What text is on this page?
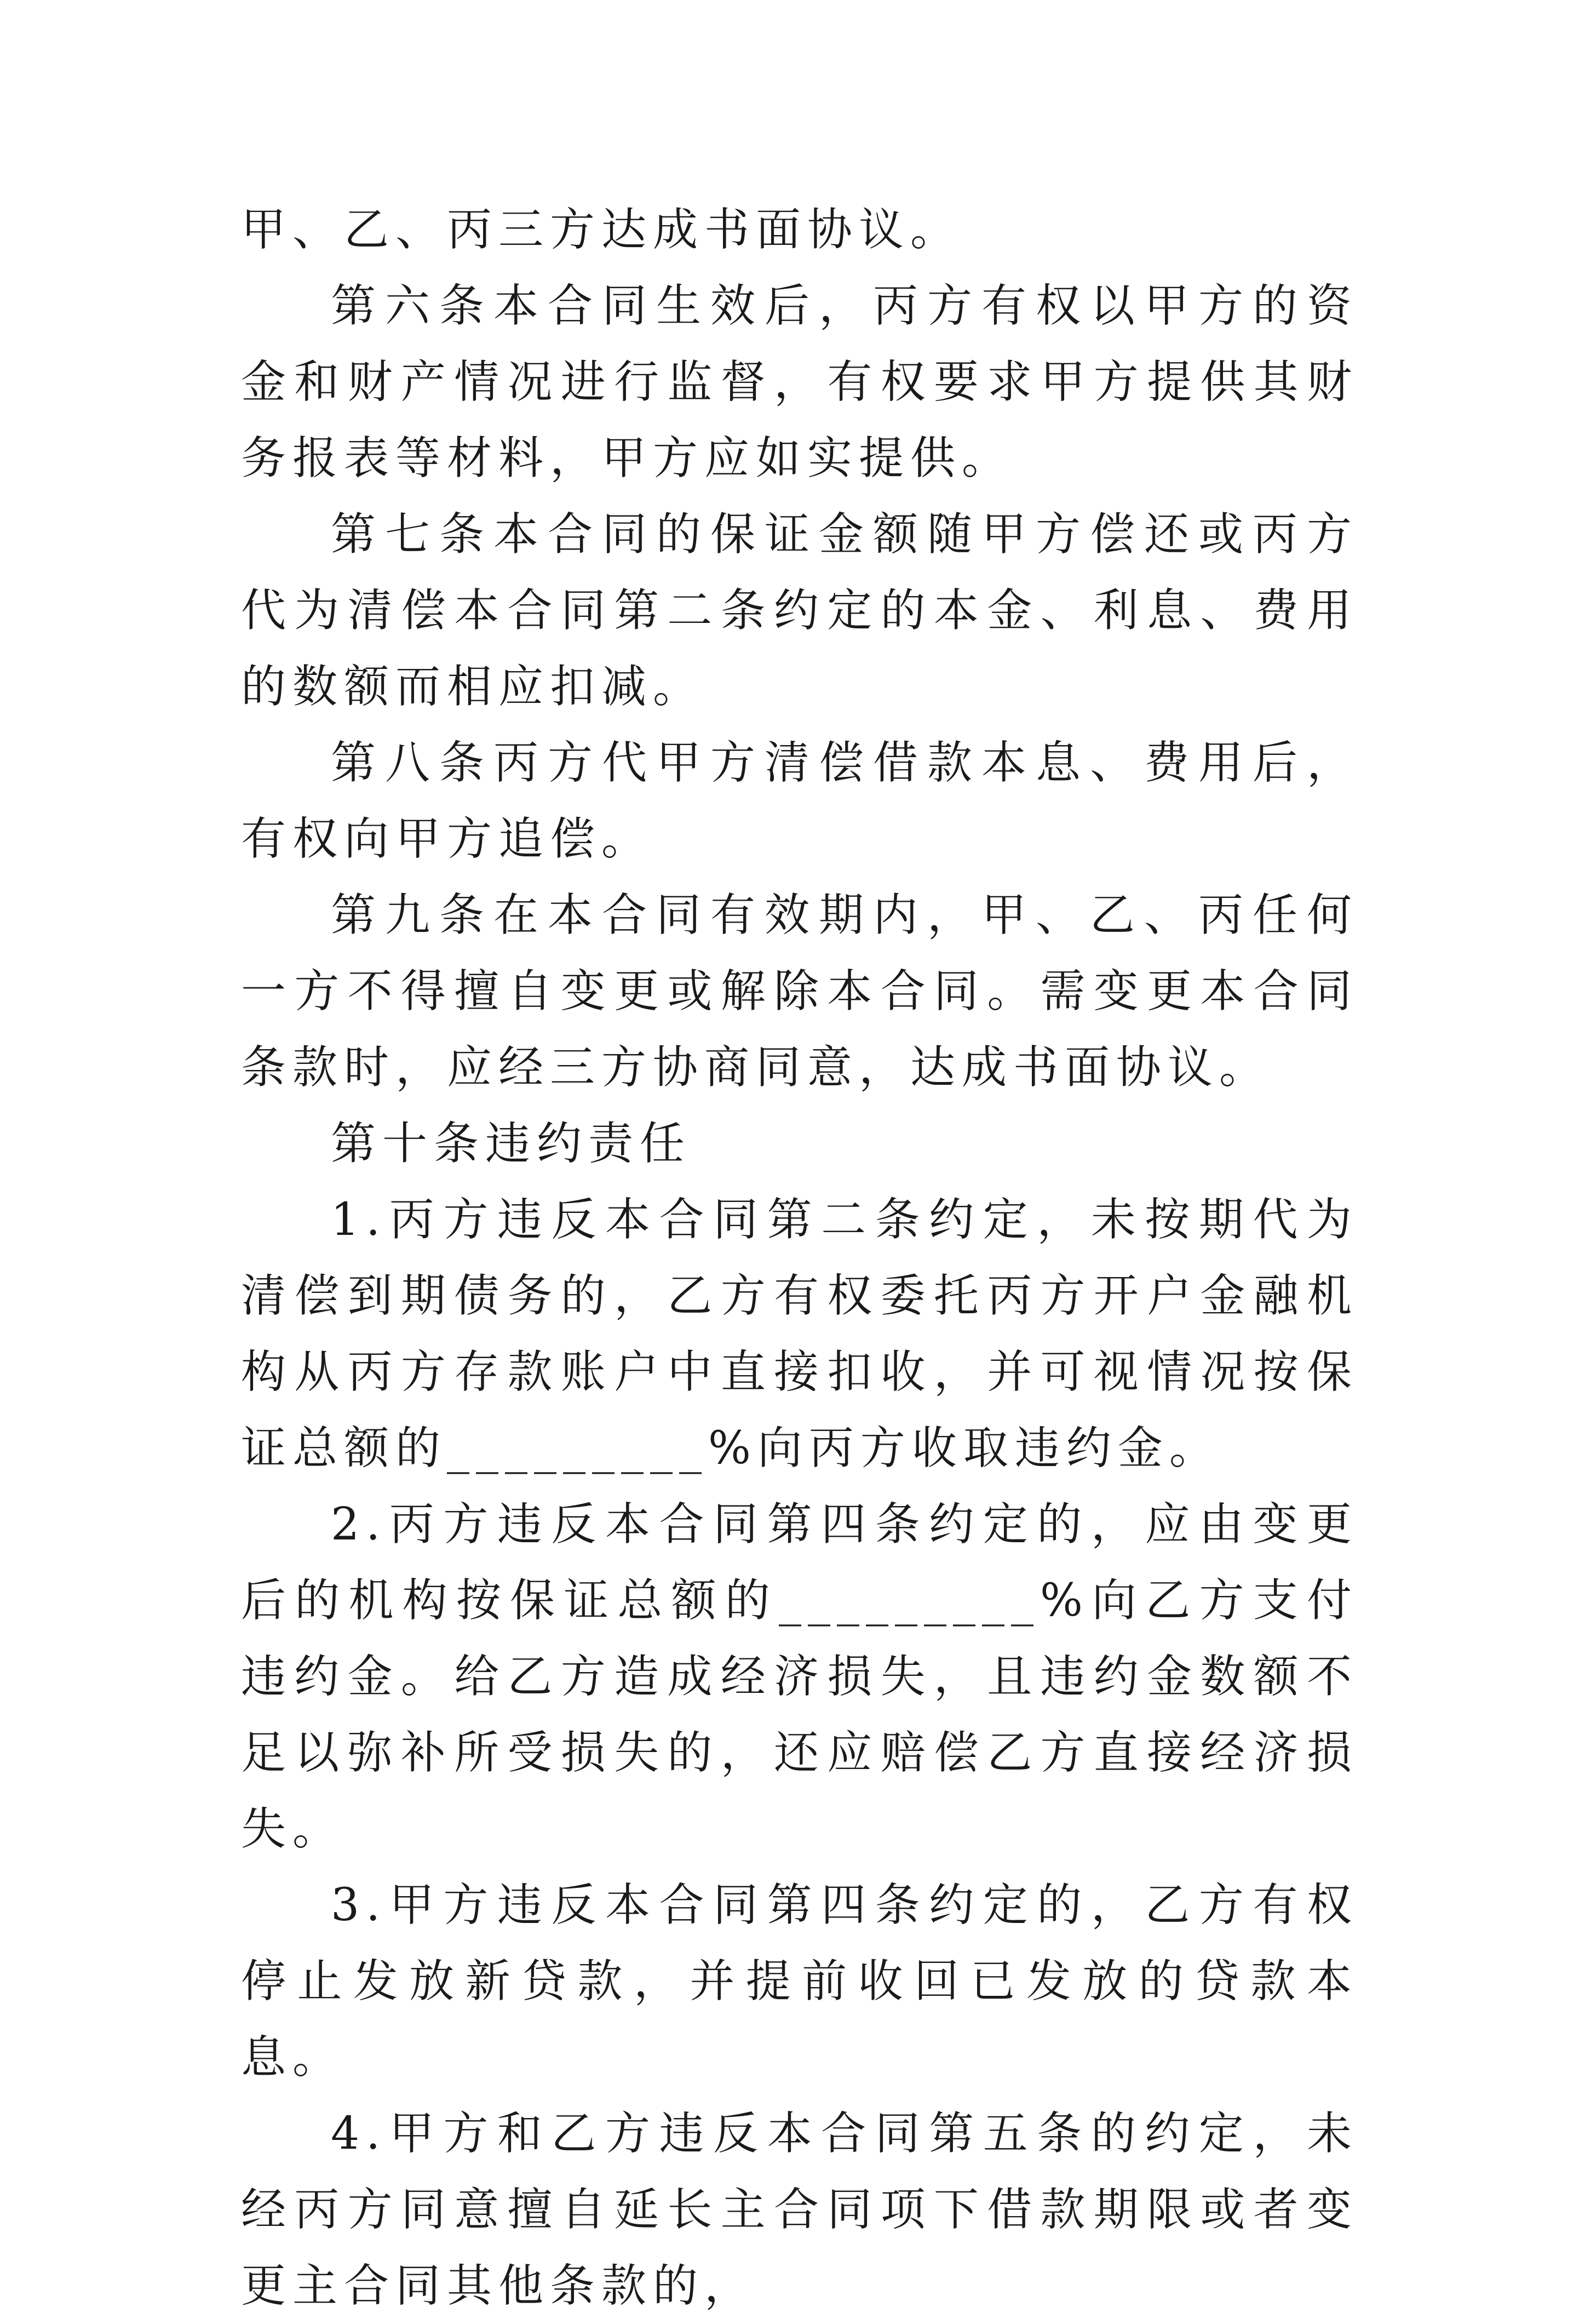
甲、乙、丙三方达成书面协议。

第六条本合同生效后，丙方有权以甲方的资金和财产情况进行监督，有权要求甲方提供其财务报表等材料，甲方应如实提供。

第七条本合同的保证金额随甲方偿还或丙方代为清偿本合同第二条约定的本金、利息、费用的数额而相应扣减。

第八条丙方代甲方清偿借款本息、费用后，有权向甲方追偿。

第九条在本合同有效期内，甲、乙、丙任何一方不得擅自变更或解除本合同。需变更本合同条款时，应经三方协商同意，达成书面协议。

第十条违约责任

1.丙方违反本合同第二条约定，未按期代为清偿到期债务的，乙方有权委托丙方开户金融机构从丙方存款账户中直接扣收，并可视情况按保证总额的_________%向丙方收取违约金。

2.丙方违反本合同第四条约定的，应由变更后的机构按保证总额的_________%向乙方支付违约金。给乙方造成经济损失，且违约金数额不足以弥补所受损失的，还应赔偿乙方直接经济损失。

3.甲方违反本合同第四条约定的，乙方有权停止发放新贷款，并提前收回已发放的贷款本息。

4.甲方和乙方违反本合同第五条的约定，未经丙方同意擅自延长主合同项下借款期限或者变更主合同其他条款的，
